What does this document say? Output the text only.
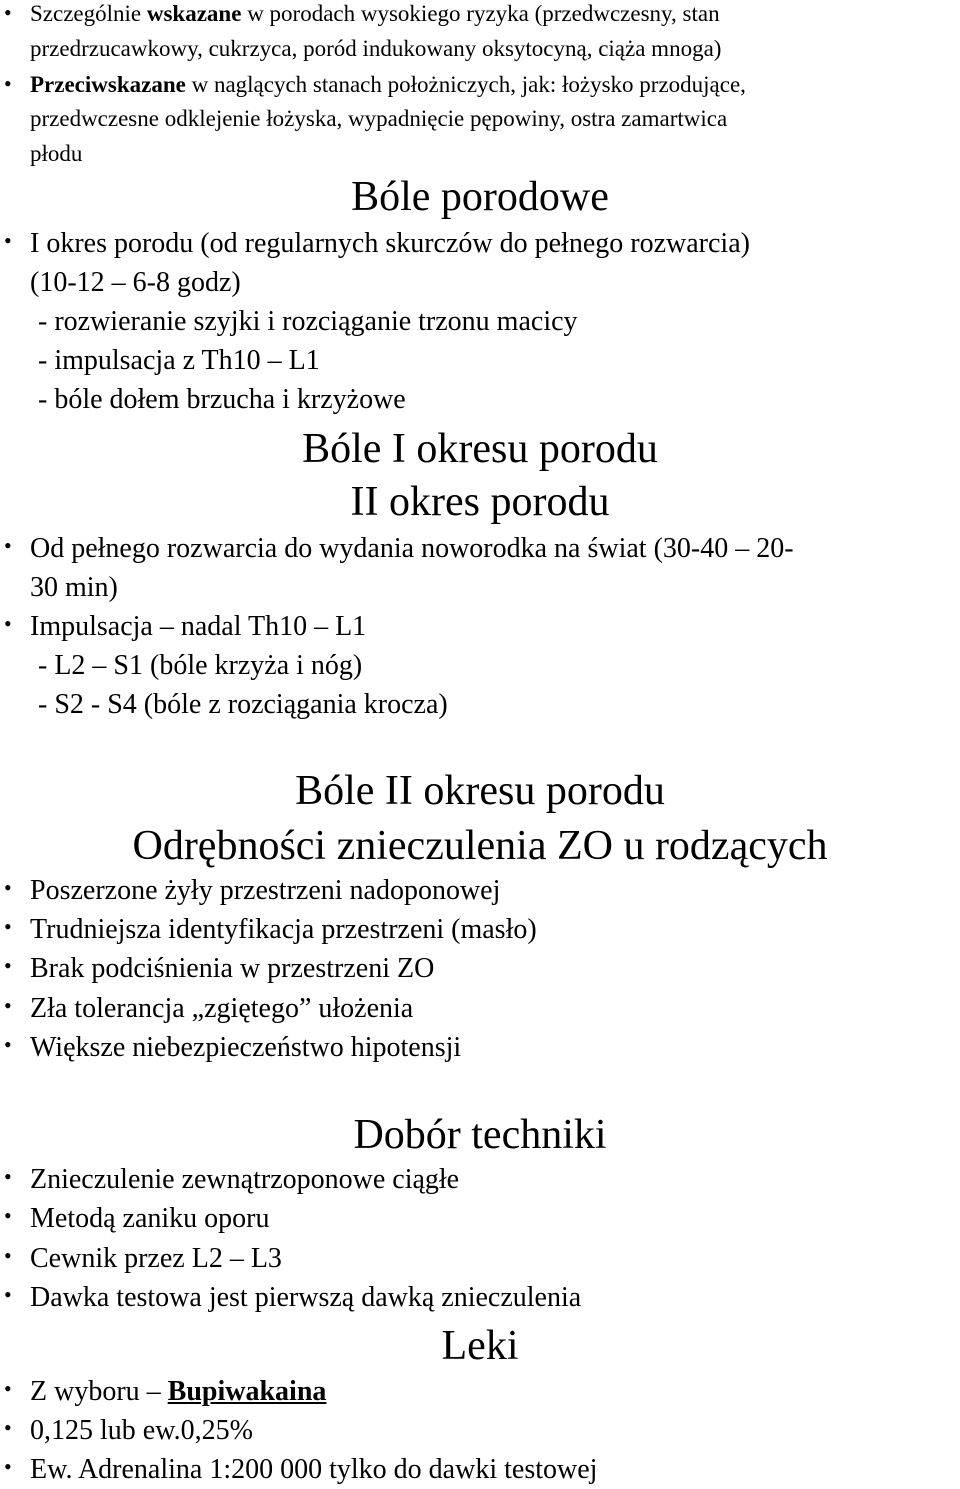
• Szczególnie wskazane w porodach wysokiego ryzyka (przedwczesny, stan
przedrzucawkowy, cukrzyca, poród indukowany oksytocyną, ciąża mnoga)
• Przeciwskazane w naglących stanach położniczych, jak: łożysko przodujące,
przedwczesne odklejenie łożyska, wypadnięcie pępowiny, ostra zamartwica
płodu
Bóle porodowe
• I okres porodu (od regularnych skurczów do pełnego rozwarcia)
(10-12 – 6-8 godz)
- rozwieranie szyjki i rozciąganie trzonu macicy
- impulsacja z Th10 – L1
- bóle dołem brzucha i krzyżowe
Bóle I okresu porodu
II okres porodu
• Od pełnego rozwarcia do wydania noworodka na świat (30-40 – 20-
30 min)
• Impulsacja – nadal Th10 – L1
- L2 – S1 (bóle krzyża i nóg)
- S2 - S4 (bóle z rozciągania krocza)
Bóle II okresu porodu
Odrębności znieczulenia ZO u rodzących
• Poszerzone żyły przestrzeni nadoponowej
• Trudniejsza identyfikacja przestrzeni (masło)
• Brak podciśnienia w przestrzeni ZO
• Zła tolerancja „zgiętego” ułożenia
• Większe niebezpieczeństwo hipotensji
Dobór techniki
• Znieczulenie zewnątrzoponowe ciągłe
• Metodą zaniku oporu
• Cewnik przez L2 – L3
• Dawka testowa jest pierwszą dawką znieczulenia
Leki
• Z wyboru – Bupiwakaina
• 0,125 lub ew.0,25%
• Ew. Adrenalina 1:200 000 tylko do dawki testowej
